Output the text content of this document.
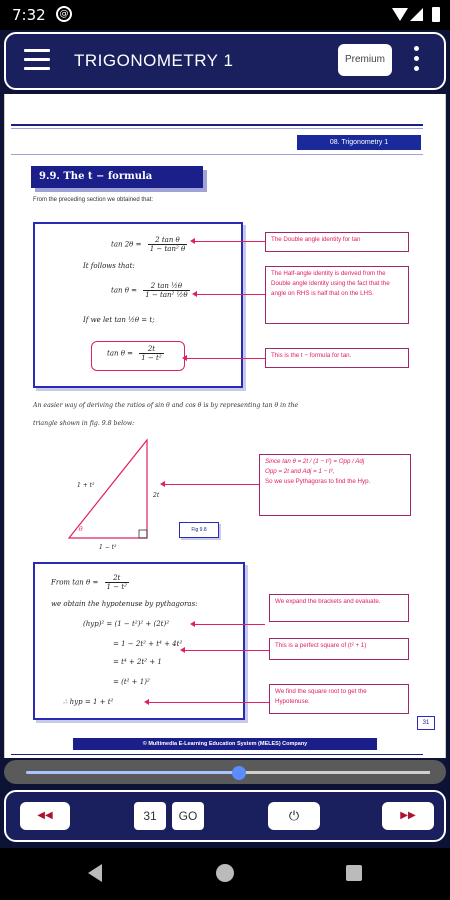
7:32	@
TRIGONOMETRY 1	Premium
08. Trigonometry 1
9.9. The t − formula
From the preceding section we obtained that:
$\tan 2\theta = \frac{\text{2 tan θ}}{\text{1 − tan² θ}}$
It follows that:
$\tan \theta = \frac{\text{2 tan ½θ}}{\text{1 − tan² ½θ}}$
If we let tan ½θ = t;
$\tan \theta = \frac{2t}{\text{1 − t²}}$
The Double angle identity for tan
The Half-angle identity is derived from the Double angle identity using the fact that the angle on RHS is half that on the LHS.
This is the t − formula for tan.
An easier way of deriving the ratios of sin θ and cos θ is by representing tan θ in the
triangle shown in fig. 9.8 below:
1 + t²
2t
1 − t²
θ	Fig 9.8
Since tan θ = 2t / (1 − t²) = Opp / Adj
Opp = 2t and Adj = 1 − t²,
So we use Pythagoras to find the Hyp.
From $\tan \theta = \frac{2t}{\text{1 − t²}}$
we obtain the hypotenuse by pythagoras:
(hyp)² = (1 − t²)² + (2t)²
= 1 − 2t² + t⁴ + 4t²
= t⁴ + 2t² + 1
= (t² + 1)²
∴ hyp = 1 + t²
We expand the brackets and evaluate.
This is a perfect square of (t² + 1)
We find the square root to get the Hypotenuse.
31
© Multimedia E-Learning Education System (MELES) Company
◀◀	31	GO	⏻	▶▶
